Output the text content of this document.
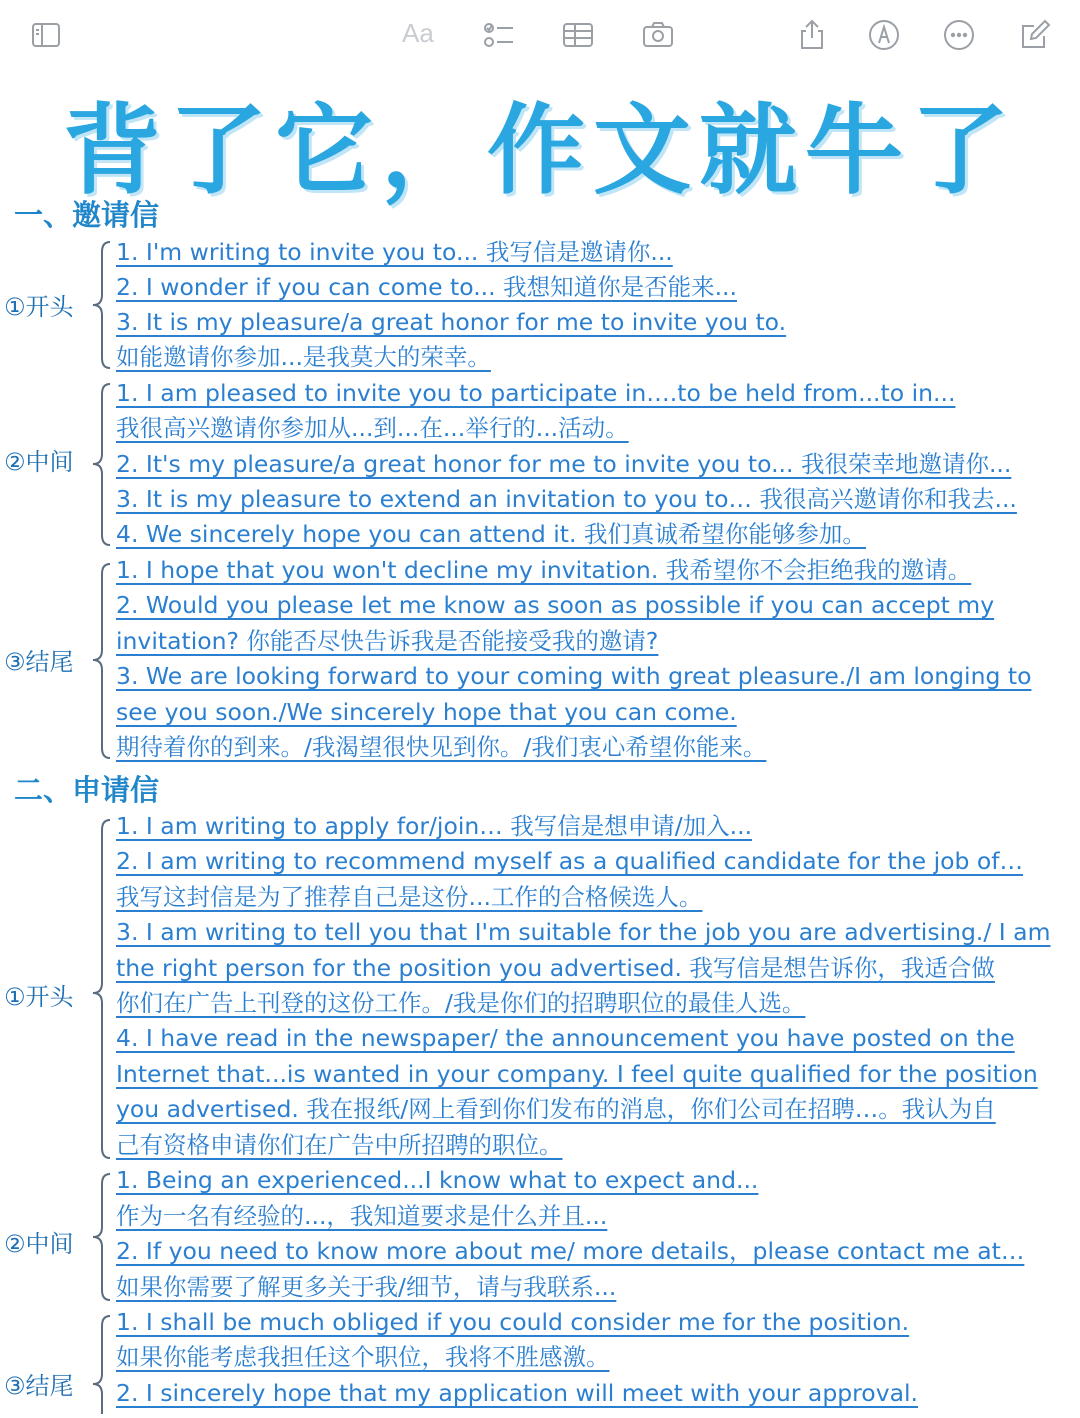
Aa
背了它，作文就牛了
一、邀请信
①开头
1. I'm writing to invite you to... 我写信是邀请你...
2. I wonder if you can come to... 我想知道你是否能来...
3. It is my pleasure/a great honor for me to invite you to.
如能邀请你参加...是我莫大的荣幸。
②中间
1. I am pleased to invite you to participate in….to be held from...to in...
我很高兴邀请你参加从...到...在...举行的...活动。
2. It's my pleasure/a great honor for me to invite you to... 我很荣幸地邀请你...
3. It is my pleasure to extend an invitation to you to… 我很高兴邀请你和我去...
4. We sincerely hope you can attend it. 我们真诚希望你能够参加。
③结尾
1. I hope that you won't decline my invitation. 我希望你不会拒绝我的邀请。
2. Would you please let me know as soon as possible if you can accept my
invitation? 你能否尽快告诉我是否能接受我的邀请?
3. We are looking forward to your coming with great pleasure./I am longing to
see you soon./We sincerely hope that you can come.
期待着你的到来。/我渴望很快见到你。/我们衷心希望你能来。
二、申请信
①开头
1. I am writing to apply for/join… 我写信是想申请/加入...
2. I am writing to recommend myself as a qualified candidate for the job of…
我写这封信是为了推荐自己是这份...工作的合格候选人。
3. I am writing to tell you that I'm suitable for the job you are advertising./ I am
the right person for the position you advertised. 我写信是想告诉你，我适合做
你们在广告上刊登的这份工作。/我是你们的招聘职位的最佳人选。
4. I have read in the newspaper/ the announcement you have posted on the
Internet that...is wanted in your company. I feel quite qualified for the position
you advertised. 我在报纸/网上看到你们发布的消息，你们公司在招聘…。我认为自
己有资格申请你们在广告中所招聘的职位。
②中间
1. Being an experienced...I know what to expect and...
作为一名有经验的...，我知道要求是什么并且...
2. If you need to know more about me/ more details，please contact me at…
如果你需要了解更多关于我/细节，请与我联系...
③结尾
1. I shall be much obliged if you could consider me for the position.
如果你能考虑我担任这个职位，我将不胜感激。
2. I sincerely hope that my application will meet with your approval.
